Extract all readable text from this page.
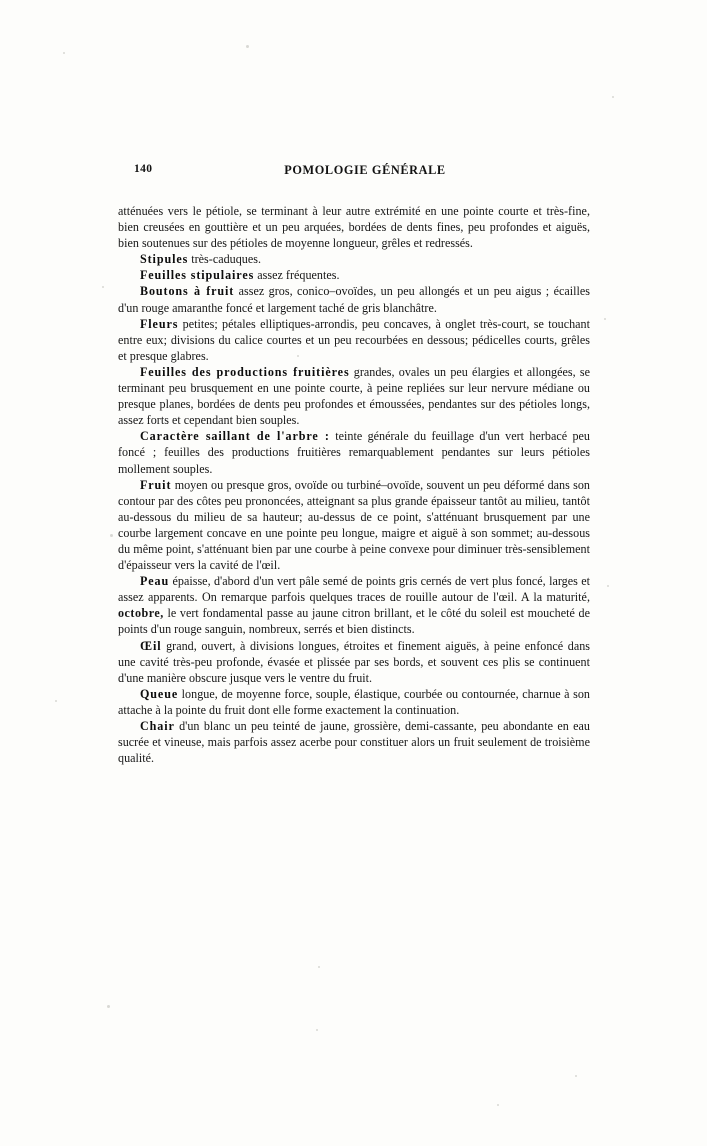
140	POMOLOGIE GÉNÉRALE

atténuées vers le pétiole, se terminant à leur autre extrémité en une pointe courte et très-fine, bien creusées en gouttière et un peu arquées, bordées de dents fines, peu profondes et aiguës, bien soutenues sur des pétioles de moyenne longueur, grêles et redressés.

Stipules très-caduques.

Feuilles stipulaires assez fréquentes.

Boutons à fruit assez gros, conico–ovoïdes, un peu allongés et un peu aigus ; écailles d'un rouge amaranthe foncé et largement taché de gris blanchâtre.

Fleurs petites; pétales elliptiques-arrondis, peu concaves, à onglet très-court, se touchant entre eux; divisions du calice courtes et un peu recourbées en dessous; pédicelles courts, grêles et presque glabres.

Feuilles des productions fruitières grandes, ovales un peu élargies et allongées, se terminant peu brusquement en une pointe courte, à peine repliées sur leur nervure médiane ou presque planes, bordées de dents peu profondes et émoussées, pendantes sur des pétioles longs, assez forts et cependant bien souples.

Caractère saillant de l'arbre : teinte générale du feuillage d'un vert herbacé peu foncé ; feuilles des productions fruitières remarquablement pendantes sur leurs pétioles mollement souples.

Fruit moyen ou presque gros, ovoïde ou turbiné–ovoïde, souvent un peu déformé dans son contour par des côtes peu prononcées, atteignant sa plus grande épaisseur tantôt au milieu, tantôt au-dessous du milieu de sa hauteur; au-dessus de ce point, s'atténuant brusquement par une courbe largement concave en une pointe peu longue, maigre et aiguë à son sommet; au-dessous du même point, s'atténuant bien par une courbe à peine convexe pour diminuer très-sensiblement d'épaisseur vers la cavité de l'œil.

Peau épaisse, d'abord d'un vert pâle semé de points gris cernés de vert plus foncé, larges et assez apparents. On remarque parfois quelques traces de rouille autour de l'œil. A la maturité, octobre, le vert fondamental passe au jaune citron brillant, et le côté du soleil est moucheté de points d'un rouge sanguin, nombreux, serrés et bien distincts.

Œil grand, ouvert, à divisions longues, étroites et finement aiguës, à peine enfoncé dans une cavité très-peu profonde, évasée et plissée par ses bords, et souvent ces plis se continuent d'une manière obscure jusque vers le ventre du fruit.

Queue longue, de moyenne force, souple, élastique, courbée ou contournée, charnue à son attache à la pointe du fruit dont elle forme exactement la continuation.

Chair d'un blanc un peu teinté de jaune, grossière, demi-cassante, peu abondante en eau sucrée et vineuse, mais parfois assez acerbe pour constituer alors un fruit seulement de troisième qualité.
